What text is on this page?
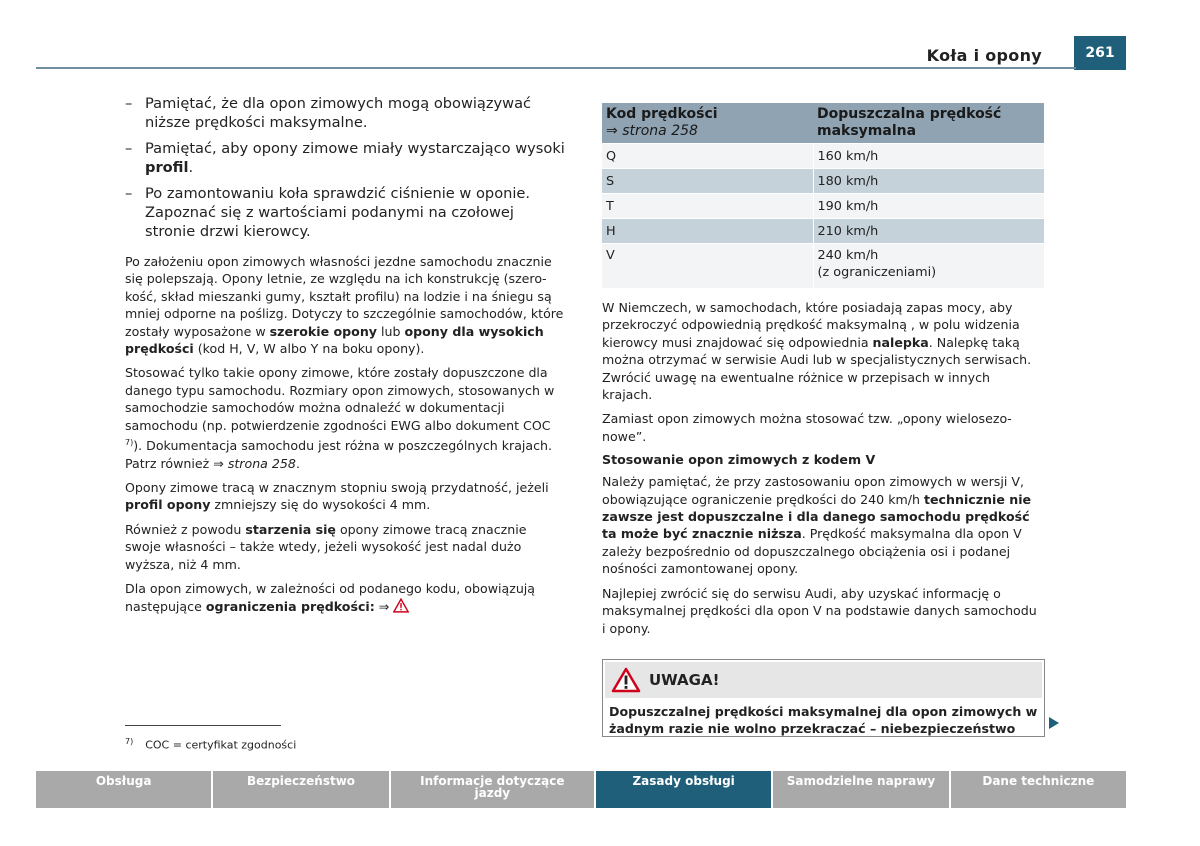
Koła i opony	261
– Pamiętać, że dla opon zimowych mogą obowiązywać niższe prędkości maksymalne.
– Pamiętać, aby opony zimowe miały wystarczająco wysoki profil.
– Po zamontowaniu koła sprawdzić ciśnienie w oponie. Zapoznać się z wartościami podanymi na czołowej stronie drzwi kierowcy.

Po założeniu opon zimowych własności jezdne samochodu znacznie się polepszają. Opony letnie, ze względu na ich konstrukcję (szerokość, skład mieszanki gumy, kształt profilu) na lodzie i na śniegu są mniej odporne na poślizg. Dotyczy to szczególnie samochodów, które zostały wyposażone w szerokie opony lub opony dla wysokich prędkości (kod H, V, W albo Y na boku opony).

Stosować tylko takie opony zimowe, które zostały dopuszczone dla danego typu samochodu. Rozmiary opon zimowych, stosowanych w samochodzie samochodów można odnaleźć w dokumentacji samochodu (np. potwierdzenie zgodności EWG albo dokument COC $^{7)}$). Dokumentacja samochodu jest różna w poszczególnych krajach. Patrz również ⇒ strona 258.

Opony zimowe tracą w znacznym stopniu swoją przydatność, jeżeli profil opony zmniejszy się do wysokości 4 mm.

Również z powodu starzenia się opony zimowe tracą znacznie swoje własności – także wtedy, jeżeli wysokość jest nadal dużo wyższa, niż 4 mm.

Dla opon zimowych, w zależności od podanego kodu, obowiązują następujące ograniczenia prędkości: ⇒

$^{7)}$ COC = certyfikat zgodności
Kod prędkości
⇒ strona 258	Dopuszczalna prędkość maksymalna
Q	160 km/h
S	180 km/h
T	190 km/h
H	210 km/h
V	240 km/h
(z ograniczeniami)

W Niemczech, w samochodach, które posiadają zapas mocy, aby przekroczyć odpowiednią prędkość maksymalną , w polu widzenia kierowcy musi znajdować się odpowiednia nalepka. Nalepkę taką można otrzymać w serwisie Audi lub w specjalistycznych serwisach. Zwrócić uwagę na ewentualne różnice w przepisach w innych krajach.

Zamiast opon zimowych można stosować tzw. „opony wielosezonowe”.

Stosowanie opon zimowych z kodem V

Należy pamiętać, że przy zastosowaniu opon zimowych w wersji V, obowiązujące ograniczenie prędkości do 240 km/h technicznie nie zawsze jest dopuszczalne i dla danego samochodu prędkość ta może być znacznie niższa. Prędkość maksymalna dla opon V zależy bezpośrednio od dopuszczalnego obciążenia osi i podanej nośności zamontowanej opony.

Najlepiej zwrócić się do serwisu Audi, aby uzyskać informację o maksymalnej prędkości dla opon V na podstawie danych samochodu i opony.

UWAGA!
Dopuszczalnej prędkości maksymalnej dla opon zimowych w żadnym razie nie wolno przekraczać – niebezpieczeństwo
Obsługa	Bezpieczeństwo	Informacje dotyczące jazdy
Zasady obsługi	Samodzielne naprawy	Dane techniczne
